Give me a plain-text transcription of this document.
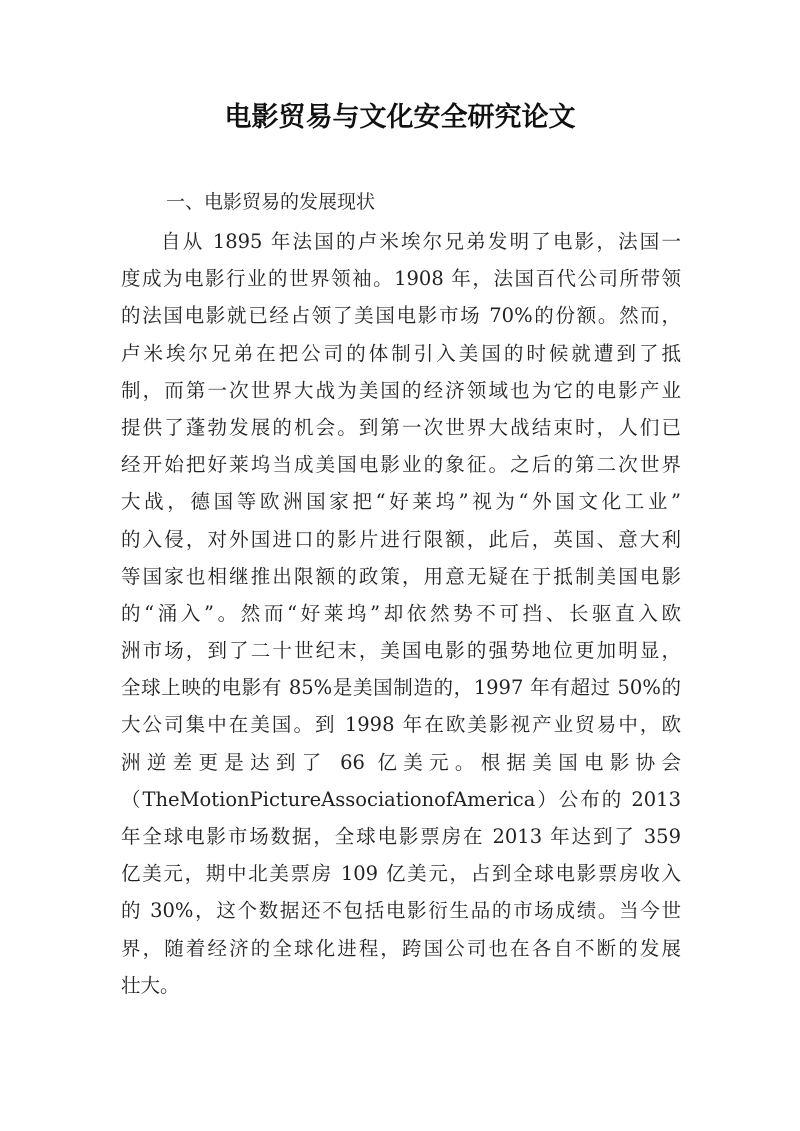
电影贸易与文化安全研究论文

一、电影贸易的发展现状

自从 1895 年法国的卢米埃尔兄弟发明了电影，法国一
度成为电影行业的世界领袖。1908 年，法国百代公司所带领
的法国电影就已经占领了美国电影市场 70%的份额。然而，
卢米埃尔兄弟在把公司的体制引入美国的时候就遭到了抵
制，而第一次世界大战为美国的经济领域也为它的电影产业
提供了蓬勃发展的机会。到第一次世界大战结束时，人们已
经开始把好莱坞当成美国电影业的象征。之后的第二次世界
大战，德国等欧洲国家把“好莱坞”视为“外国文化工业”
的入侵，对外国进口的影片进行限额，此后，英国、意大利
等国家也相继推出限额的政策，用意无疑在于抵制美国电影
的“涌入”。然而“好莱坞”却依然势不可挡、长驱直入欧
洲市场，到了二十世纪末，美国电影的强势地位更加明显，
全球上映的电影有 85%是美国制造的，1997 年有超过 50%的
大公司集中在美国。到 1998 年在欧美影视产业贸易中，欧
洲逆差更是达到了 66 亿美元。根据美国电影协会
（TheMotionPictureAssociationofAmerica）公布的 2013
年全球电影市场数据，全球电影票房在 2013 年达到了 359
亿美元，期中北美票房 109 亿美元，占到全球电影票房收入
的 30%，这个数据还不包括电影衍生品的市场成绩。当今世
界，随着经济的全球化进程，跨国公司也在各自不断的发展
壮大。
